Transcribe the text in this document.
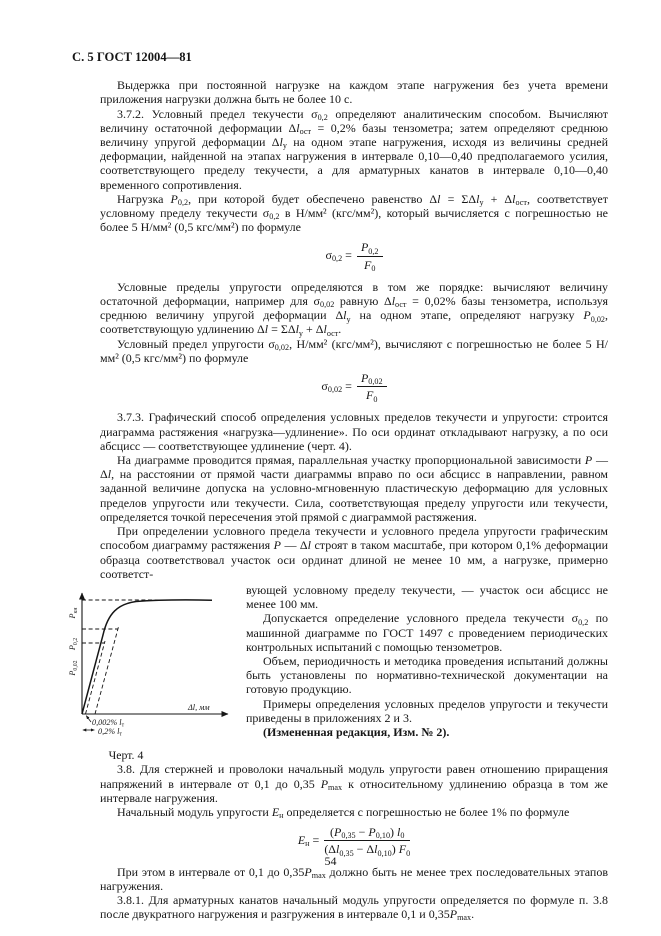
С. 5 ГОСТ 12004—81

Выдержка при постоянной нагрузке на каждом этапе нагружения без учета времени приложения нагрузки должна быть не более 10 с.

3.7.2. Условный предел текучести $\sigma_{0,2}$ определяют аналитическим способом. Вычисляют величину остаточной деформации $\Delta l_{ост} = 0,2\%$ базы тензометра; затем определяют среднюю величину упругой деформации $\Delta l_у$ на одном этапе нагружения, исходя из величины средней деформации, найденной на этапах нагружения в интервале 0,10—0,40 предполагаемого усилия, соответствующего пределу текучести, а для арматурных канатов в интервале 0,10—0,40 временного сопротивления.

Нагрузка $P_{0,2}$, при которой будет обеспечено равенство $\Delta l = \Sigma\Delta l_у + \Delta l_{ост}$, соответствует условному пределу текучести $\sigma_{0,2}$ в Н/мм² (кгс/мм²), который вычисляется с погрешностью не более 5 Н/мм² (0,5 кгс/мм²) по формуле

$\sigma_{0,2} = \frac{P_{0,2}}{F_0}$

Условные пределы упругости определяются в том же порядке: вычисляют величину остаточной деформации, например для $\sigma_{0,02}$ равную $\Delta l_{ост} = 0,02\%$ базы тензометра, используя среднюю величину упругой деформации $\Delta l_у$ на одном этапе, определяют нагрузку $P_{0,02}$, соответствующую удлинению $\Delta l = \Sigma\Delta l_у + \Delta l_{ост}$.

Условный предел упругости $\sigma_{0,02}$, Н/мм² (кгс/мм²), вычисляют с погрешностью не более 5 Н/мм² (0,5 кгс/мм²) по формуле

$\sigma_{0,02} = \frac{P_{0,02}}{F_0}$

3.7.3. Графический способ определения условных пределов текучести и упругости: строится диаграмма растяжения «нагрузка—удлинение». По оси ординат откладывают нагрузку, а по оси абсцисс — соответствующее удлинение (черт. 4).

На диаграмме проводится прямая, параллельная участку пропорциональной зависимости P — Δl, на расстоянии от прямой части диаграммы вправо по оси абсцисс в направлении, равном заданной величине допуска на условно-мгновенную пластическую деформацию для условных пределов упругости или текучести. Сила, соответствующая пределу упругости или текучести, определяется точкой пересечения этой прямой с диаграммой растяжения.

При определении условного предела текучести и условного предела упругости графическим способом диаграмму растяжения P — Δl строят в таком масштабе, при котором 0,1% деформации образца соответствовал участок оси ординат длиной не менее 10 мм, а нагрузке, примерно соответст-

$P_{кн}$
$P_{0,2}$
$P_{0,02}$
Δl, мм
0,002% lт
0,2% lт
Черт. 4

вующей условному пределу текучести, — участок оси абсцисс не менее 100 мм.

Допускается определение условного предела текучести $\sigma_{0,2}$ по машинной диаграмме по ГОСТ 1497 с проведением периодических контрольных испытаний с помощью тензометров.

Объем, периодичность и методика проведения испытаний должны быть установлены по нормативно-технической документации на готовую продукцию.

Примеры определения условных пределов упругости и текучести приведены в приложениях 2 и 3.

(Измененная редакция, Изм. № 2).

3.8. Для стержней и проволоки начальный модуль упругости равен отношению приращения напряжений в интервале от 0,1 до 0,35 $P_{max}$ к относительному удлинению образца в том же интервале нагружения.

Начальный модуль упругости $E_н$ определяется с погрешностью не более 1% по формуле

$E_н = \frac{(P_{0,35} - P_{0,10}) l_0}{(\Delta l_{0,35} - \Delta l_{0,10}) F_0}$

При этом в интервале от 0,1 до $0,35P_{max}$ должно быть не менее трех последовательных этапов нагружения.

3.8.1. Для арматурных канатов начальный модуль упругости определяется по формуле п. 3.8 после двукратного нагружения и разгружения в интервале 0,1 и $0,35P_{max}$.

54
